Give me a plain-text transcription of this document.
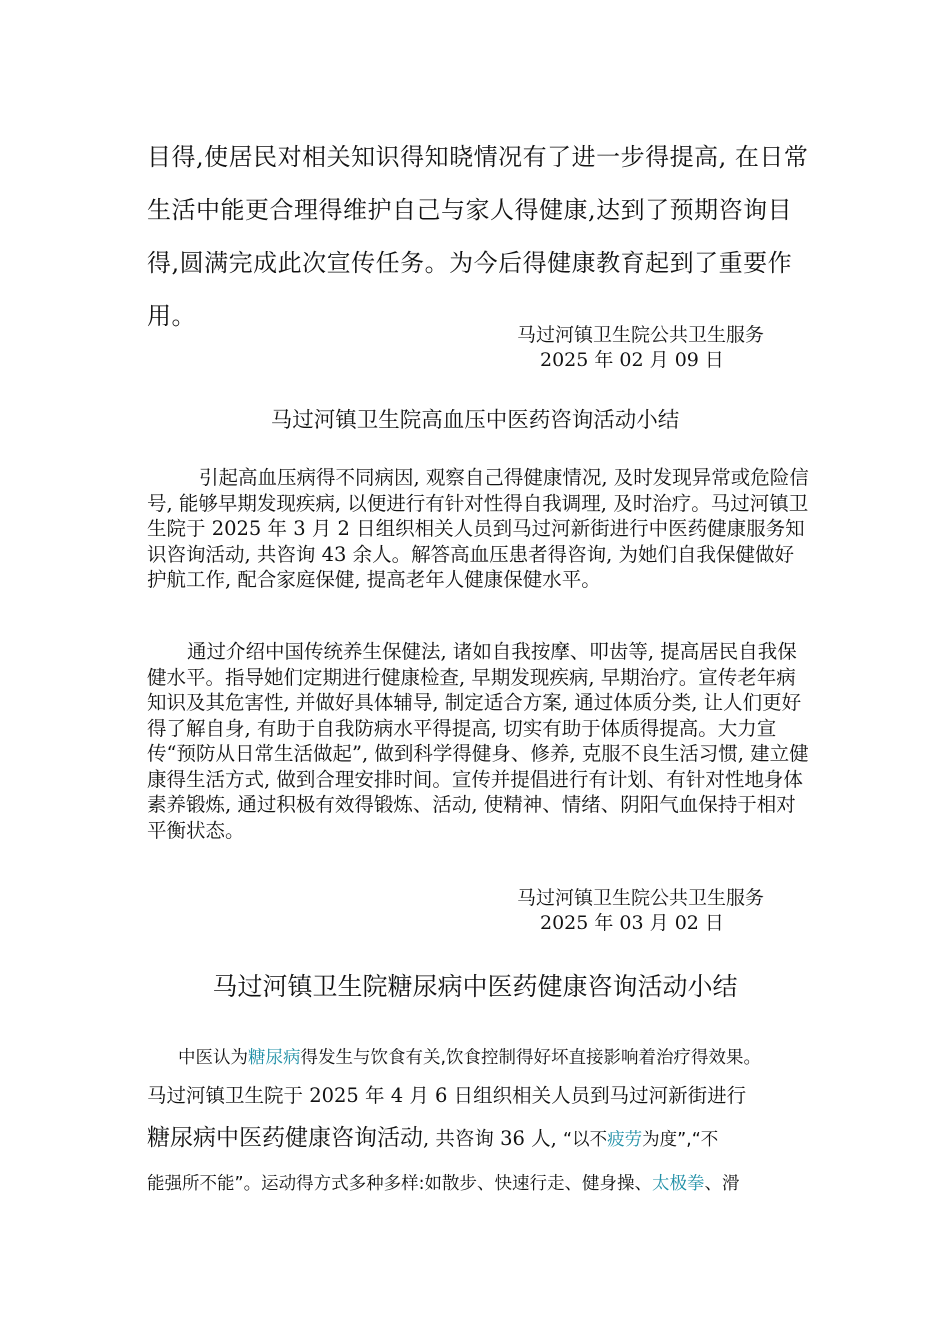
目得,使居民对相关知识得知晓情况有了进一步得提高, 在日常生活中能更合理得维护自己与家人得健康,达到了预期咨询目得,圆满完成此次宣传任务。为今后得健康教育起到了重要作用。

马过河镇卫生院公共卫生服务
2025 年 02 月 09 日
马过河镇卫生院高血压中医药咨询活动小结

引起高血压病得不同病因, 观察自己得健康情况, 及时发现异常或危险信号, 能够早期发现疾病, 以便进行有针对性得自我调理, 及时治疗。马过河镇卫生院于 2025 年 3 月 2 日组织相关人员到马过河新街进行中医药健康服务知识咨询活动, 共咨询 43 余人。解答高血压患者得咨询, 为她们自我保健做好护航工作, 配合家庭保健, 提高老年人健康保健水平。

通过介绍中国传统养生保健法, 诸如自我按摩、叩齿等, 提高居民自我保健水平。指导她们定期进行健康检查, 早期发现疾病, 早期治疗。宣传老年病知识及其危害性, 并做好具体辅导, 制定适合方案, 通过体质分类, 让人们更好得了解自身, 有助于自我防病水平得提高, 切实有助于体质得提高。大力宣传“预防从日常生活做起”, 做到科学得健身、修养, 克服不良生活习惯, 建立健康得生活方式, 做到合理安排时间。宣传并提倡进行有计划、有针对性地身体素养锻炼, 通过积极有效得锻炼、活动, 使精神、情绪、阴阳气血保持于相对平衡状态。

马过河镇卫生院公共卫生服务
2025 年 03 月 02 日
马过河镇卫生院糖尿病中医药健康咨询活动小结

中医认为糖尿病得发生与饮食有关,饮食控制得好坏直接影响着治疗得效果。

马过河镇卫生院于 2025 年 4 月 6 日组织相关人员到马过河新街进行

糖尿病中医药健康咨询活动, 共咨询 36 人, “以不疲劳为度”,“不

能强所不能”。运动得方式多种多样:如散步、快速行走、健身操、太极拳、滑
